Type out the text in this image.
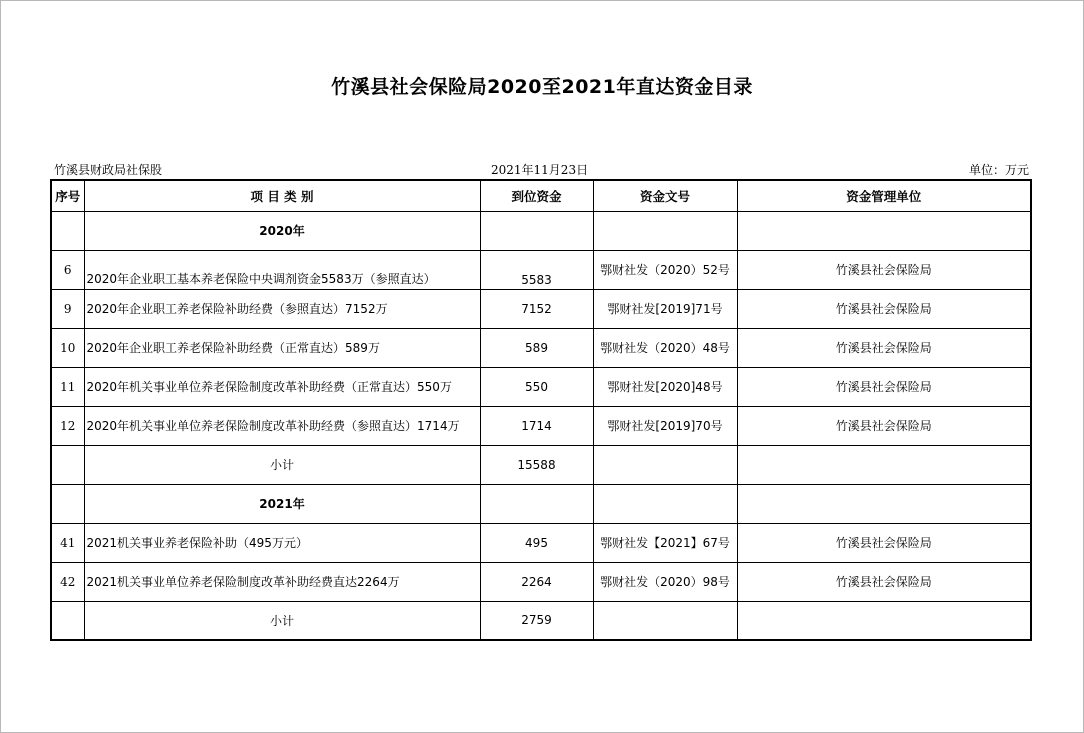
竹溪县社会保险局2020至2021年直达资金目录
竹溪县财政局社保股	2021年11月23日	单位：万元
序号	项 目 类 别	到位资金	资金文号	资金管理单位
	2020年			
6	2020年企业职工基本养老保险中央调剂资金5583万（参照直达）	5583	鄂财社发（2020）52号	竹溪县社会保险局
9	2020年企业职工养老保险补助经费（参照直达）7152万	7152	鄂财社发[2019]71号	竹溪县社会保险局
10	2020年企业职工养老保险补助经费（正常直达）589万	589	鄂财社发（2020）48号	竹溪县社会保险局
11	2020年机关事业单位养老保险制度改革补助经费（正常直达）550万	550	鄂财社发[2020]48号	竹溪县社会保险局
12	2020年机关事业单位养老保险制度改革补助经费（参照直达）1714万	1714	鄂财社发[2019]70号	竹溪县社会保险局
	小计	15588		
	2021年			
41	2021机关事业养老保险补助（495万元）	495	鄂财社发【2021】67号	竹溪县社会保险局
42	2021机关事业单位养老保险制度改革补助经费直达2264万	2264	鄂财社发（2020）98号	竹溪县社会保险局
	小计	2759		
